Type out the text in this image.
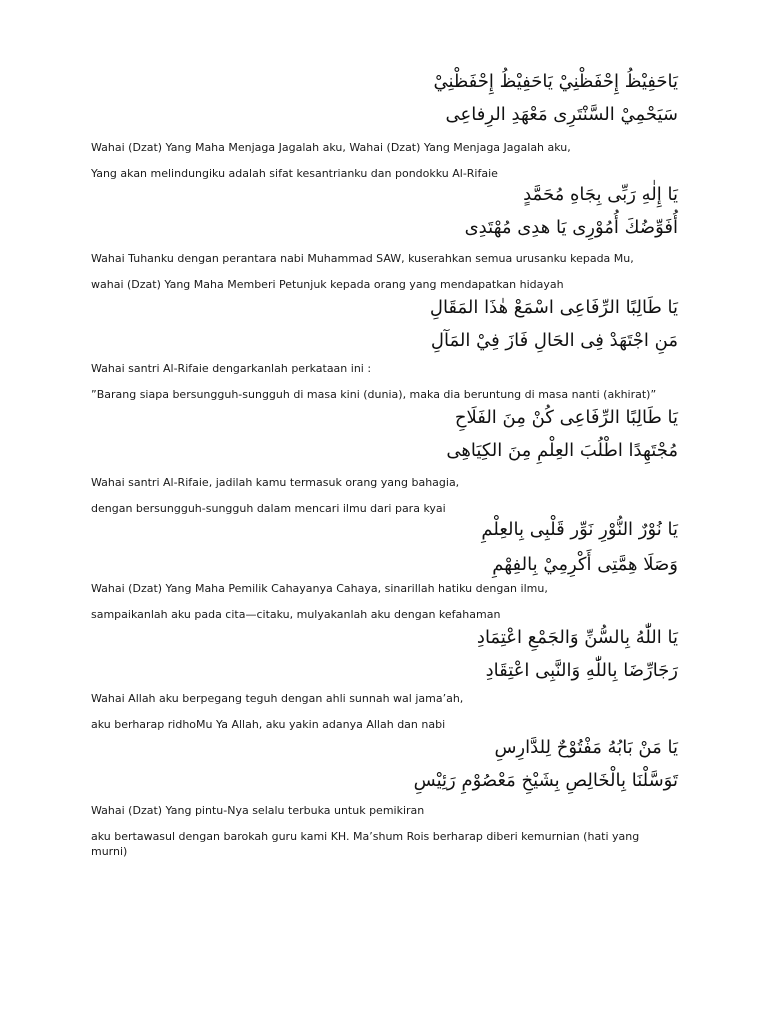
يَاحَفِيْظُ إِحْفَظْنِيْ يَاحَفِيْظُ إِحْفَظْنِيْ
سَيَحْمِيْ السَّنْتَرِى مَعْهَدِ الرِفاعِى
Wahai (Dzat) Yang Maha Menjaga Jagalah aku, Wahai (Dzat) Yang Menjaga Jagalah aku,
Yang akan melindungiku adalah sifat kesantrianku dan pondokku Al-Rifaie
يَا إِلٰهِ رَبِّى بِجَاهِ مُحَمَّدٍ
أُفَوِّضُكَ أُمُوْرِى يَا هدِى مُهْتَدِى
Wahai Tuhanku dengan perantara nabi Muhammad SAW, kuserahkan semua urusanku kepada Mu,
wahai (Dzat) Yang Maha Memberi Petunjuk kepada orang yang mendapatkan hidayah
يَا طَالِبًا الرِّفَاعِى اسْمَعْ هٰذَا المَقَالِ
مَنِ اجْتَهَدْ فِى الحَالِ فَازَ فِيْ المَآلِ
Wahai santri Al-Rifaie dengarkanlah perkataan ini :
”Barang siapa bersungguh-sungguh di masa kini (dunia), maka dia beruntung di masa nanti (akhirat)”
يَا طَالِبًا الرِّفَاعِى كُنْ مِنَ الفَلَاحِ
مُجْتَهِدًا اطْلُبَ العِلْمِ مِنَ الكِيَاهِى
Wahai santri Al-Rifaie, jadilah kamu termasuk orang yang bahagia,
dengan bersungguh-sungguh dalam mencari ilmu dari para kyai
يَا نُوْرٌ النُّوْرِ نَوِّر قَلْبِى بِالعِلْمِ
وَصَلَا هِمَّتِى أَكْرِمِيْ بِالفِهْمِ
Wahai (Dzat) Yang Maha Pemilik Cahayanya Cahaya, sinarillah hatiku dengan ilmu,
sampaikanlah aku pada cita—citaku, mulyakanlah aku dengan kefahaman
يَا اللّٰهُ بِالسُّنِّ وَالجَمْعِ اعْتِمَادِ
رَجَارِّضَا بِاللّٰهِ وَالنَّبِى اعْتِقَادِ
Wahai Allah aku berpegang teguh dengan ahli sunnah wal jama’ah,
aku berharap ridhoMu Ya Allah, aku yakin adanya Allah dan nabi
يَا مَنْ بَابُهُ مَفْتُوْحٌ لِلدَّارِسِ
تَوَسَّلْنَا بِالْخَالِصِ بِشَيْخِ مَعْصُوْمِ رَئِيْسِ
Wahai (Dzat) Yang pintu-Nya selalu terbuka untuk pemikiran
aku bertawasul dengan barokah guru kami KH. Ma’shum Rois berharap diberi kemurnian (hati yang murni)
